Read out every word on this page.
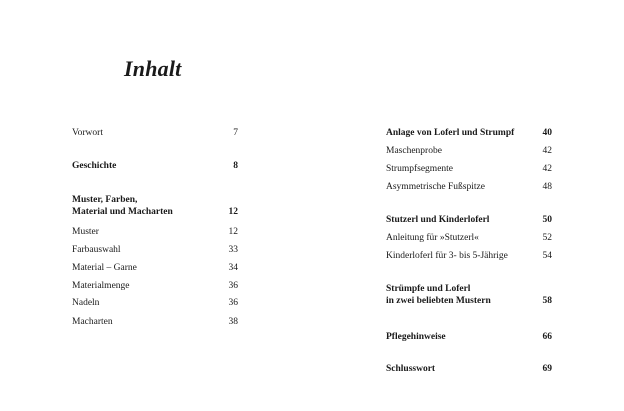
Inhalt
Vorwort	7
Geschichte	8
Muster, Farben,
Material und Macharten	12
Muster	12
Farbauswahl	33
Material – Garne	34
Materialmenge	36
Nadeln	36
Macharten	38
Anlage von Loferl und Strumpf	40
Maschenprobe	42
Strumpfsegmente	42
Asymmetrische Fußspitze	48
Stutzerl und Kinderloferl	50
Anleitung für »Stutzerl«	52
Kinderloferl für 3- bis 5-Jährige	54
Strümpfe und Loferl
in zwei beliebten Mustern	58
Pflegehinweise	66
Schlusswort	69
